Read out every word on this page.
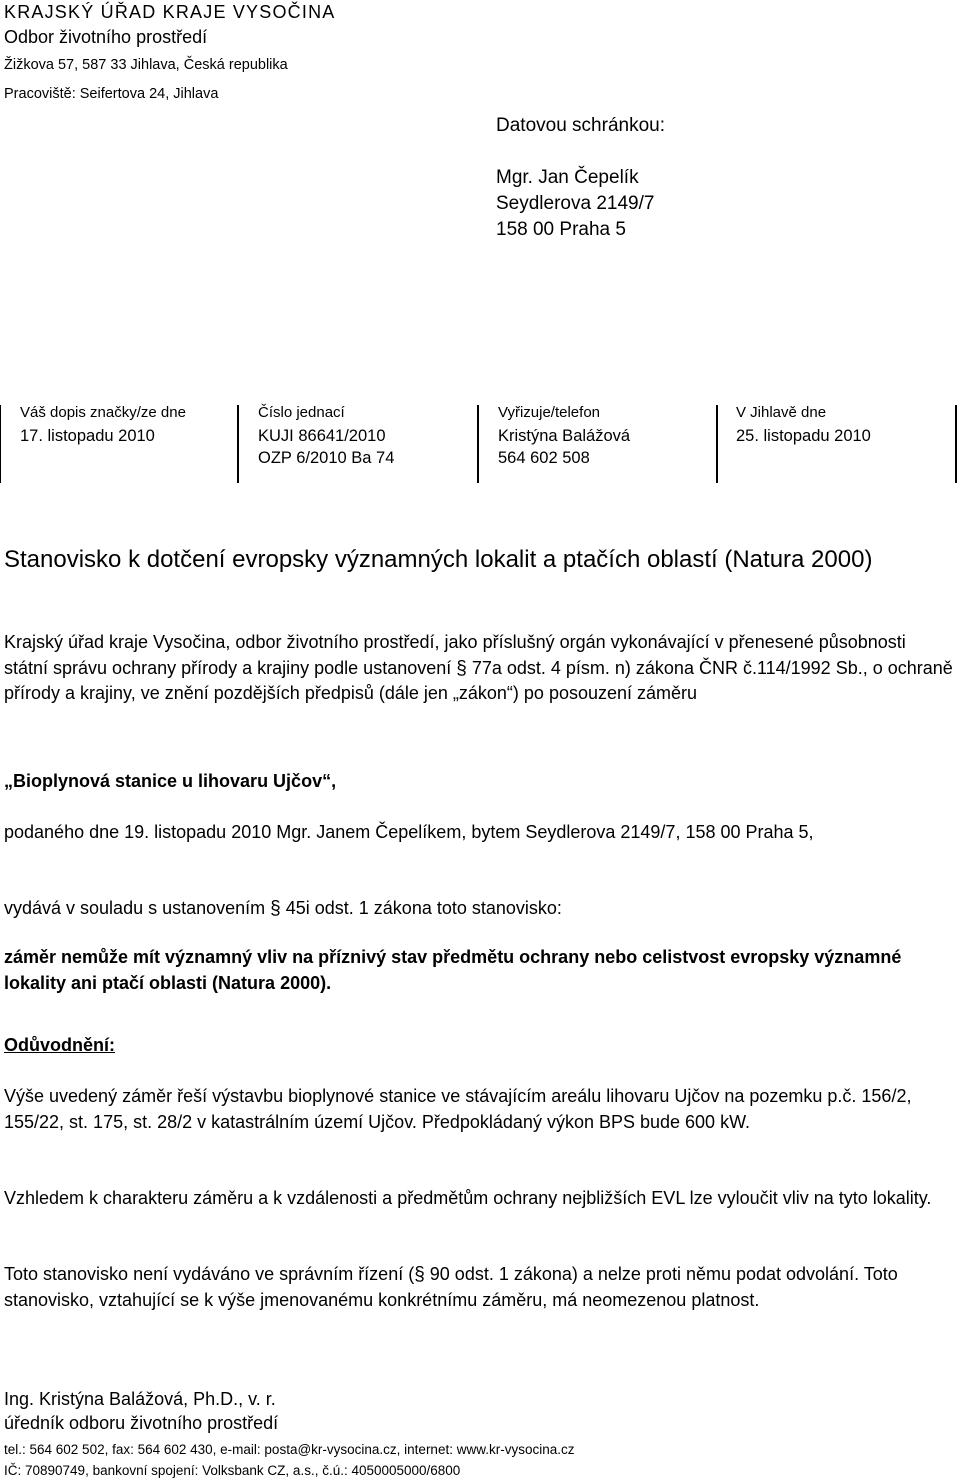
KRAJSKÝ ÚŘAD KRAJE VYSOČINA
Odbor životního prostředí
Žižkova 57, 587 33 Jihlava, Česká republika
Pracoviště: Seifertova 24, Jihlava
Datovou schránkou:
Mgr. Jan Čepelík
Seydlerova 2149/7
158 00 Praha 5
Váš dopis značky/ze dne
17. listopadu 2010
Číslo jednací
KUJI 86641/2010
OZP 6/2010 Ba 74
Vyřizuje/telefon
Kristýna Balážová
564 602 508
V Jihlavě dne
25. listopadu 2010
Stanovisko k dotčení evropsky významných lokalit a ptačích oblastí (Natura 2000)
Krajský úřad kraje Vysočina, odbor životního prostředí, jako příslušný orgán vykonávající v přenesené působnosti státní správu ochrany přírody a krajiny podle ustanovení § 77a odst. 4 písm. n) zákona ČNR č.114/1992 Sb., o ochraně přírody a krajiny, ve znění pozdějších předpisů (dále jen „zákon“) po posouzení záměru
„Bioplynová stanice u lihovaru Ujčov“,
podaného dne 19. listopadu 2010 Mgr. Janem Čepelíkem, bytem Seydlerova 2149/7, 158 00 Praha 5,
vydává v souladu s ustanovením § 45i odst. 1 zákona toto stanovisko:
záměr nemůže mít významný vliv na příznivý stav předmětu ochrany nebo celistvost evropsky významné lokality ani ptačí oblasti (Natura 2000).
Odůvodnění:
Výše uvedený záměr řeší výstavbu bioplynové stanice ve stávajícím areálu lihovaru Ujčov na pozemku p.č. 156/2, 155/22, st. 175, st. 28/2 v katastrálním území Ujčov. Předpokládaný výkon BPS bude 600 kW.
Vzhledem k charakteru záměru a k vzdálenosti a předmětům ochrany nejbližších EVL lze vyloučit vliv na tyto lokality.
Toto stanovisko není vydáváno ve správním řízení (§ 90 odst. 1 zákona) a nelze proti němu podat odvolání. Toto stanovisko, vztahující se k výše jmenovanému konkrétnímu záměru, má neomezenou platnost.
Ing. Kristýna Balážová, Ph.D., v. r.
úředník odboru životního prostředí
tel.: 564 602 502, fax: 564 602 430, e-mail: posta@kr-vysocina.cz, internet: www.kr-vysocina.cz
IČ: 70890749, bankovní spojení: Volksbank CZ, a.s., č.ú.: 4050005000/6800
